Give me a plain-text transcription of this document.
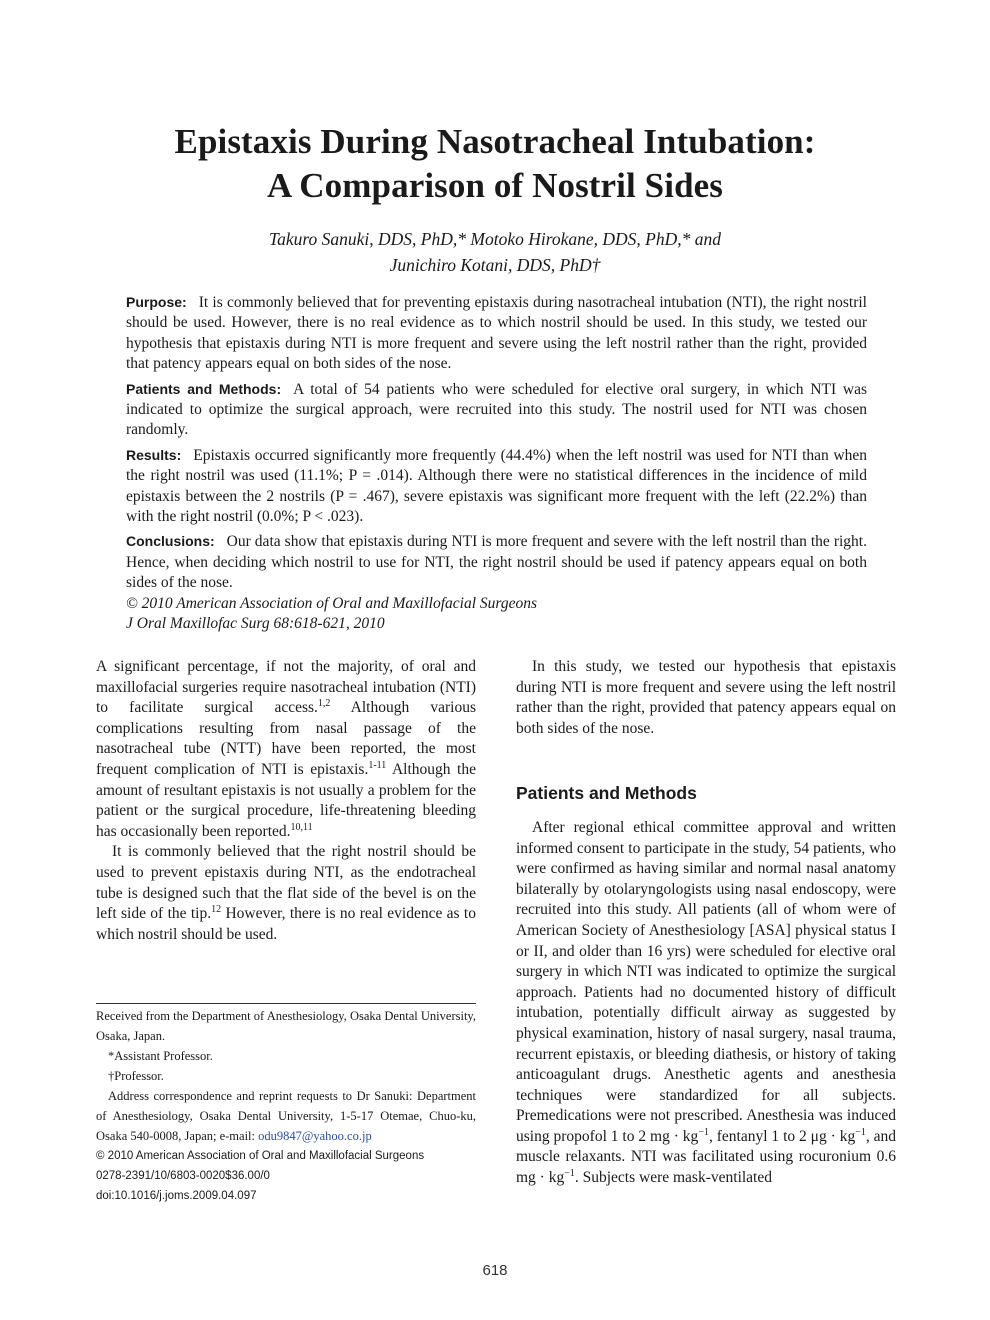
Epistaxis During Nasotracheal Intubation:
A Comparison of Nostril Sides
Takuro Sanuki, DDS, PhD,* Motoko Hirokane, DDS, PhD,* and
Junichiro Kotani, DDS, PhD†

Purpose: It is commonly believed that for preventing epistaxis during nasotracheal intubation (NTI), the right nostril should be used. However, there is no real evidence as to which nostril should be used. In this study, we tested our hypothesis that epistaxis during NTI is more frequent and severe using the left nostril rather than the right, provided that patency appears equal on both sides of the nose.

Patients and Methods: A total of 54 patients who were scheduled for elective oral surgery, in which NTI was indicated to optimize the surgical approach, were recruited into this study. The nostril used for NTI was chosen randomly.

Results: Epistaxis occurred significantly more frequently (44.4%) when the left nostril was used for NTI than when the right nostril was used (11.1%; P = .014). Although there were no statistical differences in the incidence of mild epistaxis between the 2 nostrils (P = .467), severe epistaxis was significant more frequent with the left (22.2%) than with the right nostril (0.0%; P < .023).

Conclusions: Our data show that epistaxis during NTI is more frequent and severe with the left nostril than the right. Hence, when deciding which nostril to use for NTI, the right nostril should be used if patency appears equal on both sides of the nose.

© 2010 American Association of Oral and Maxillofacial Surgeons

J Oral Maxillofac Surg 68:618-621, 2010

A significant percentage, if not the majority, of oral and maxillofacial surgeries require nasotracheal intubation (NTI) to facilitate surgical access.$^{1,2}$ Although various complications resulting from nasal passage of the nasotracheal tube (NTT) have been reported, the most frequent complication of NTI is epistaxis.$^{1-11}$ Although the amount of resultant epistaxis is not usually a problem for the patient or the surgical procedure, life-threatening bleeding has occasionally been reported.$^{10,11}$

It is commonly believed that the right nostril should be used to prevent epistaxis during NTI, as the endotracheal tube is designed such that the flat side of the bevel is on the left side of the tip.$^{12}$ However, there is no real evidence as to which nostril should be used.

Received from the Department of Anesthesiology, Osaka Dental University, Osaka, Japan.

*Assistant Professor.

†Professor.

Address correspondence and reprint requests to Dr Sanuki: Department of Anesthesiology, Osaka Dental University, 1-5-17 Otemae, Chuo-ku, Osaka 540-0008, Japan; e-mail: odu9847@yahoo.co.jp

© 2010 American Association of Oral and Maxillofacial Surgeons

0278-2391/10/6803-0020$36.00/0

doi:10.1016/j.joms.2009.04.097

In this study, we tested our hypothesis that epistaxis during NTI is more frequent and severe using the left nostril rather than the right, provided that patency appears equal on both sides of the nose.

Patients and Methods

After regional ethical committee approval and written informed consent to participate in the study, 54 patients, who were confirmed as having similar and normal nasal anatomy bilaterally by otolaryngologists using nasal endoscopy, were recruited into this study. All patients (all of whom were of American Society of Anesthesiology [ASA] physical status I or II, and older than 16 yrs) were scheduled for elective oral surgery in which NTI was indicated to optimize the surgical approach. Patients had no documented history of difficult intubation, potentially difficult airway as suggested by physical examination, history of nasal surgery, nasal trauma, recurrent epistaxis, or bleeding diathesis, or history of taking anticoagulant drugs. Anesthetic agents and anesthesia techniques were standardized for all subjects. Premedications were not prescribed. Anesthesia was induced using propofol 1 to 2 mg · $kg^{-1}$, fentanyl 1 to 2 $\mu g \cdot kg^{-1}$, and muscle relaxants. NTI was facilitated using rocuronium 0.6 mg · $kg^{-1}$. Subjects were mask-ventilated

618
